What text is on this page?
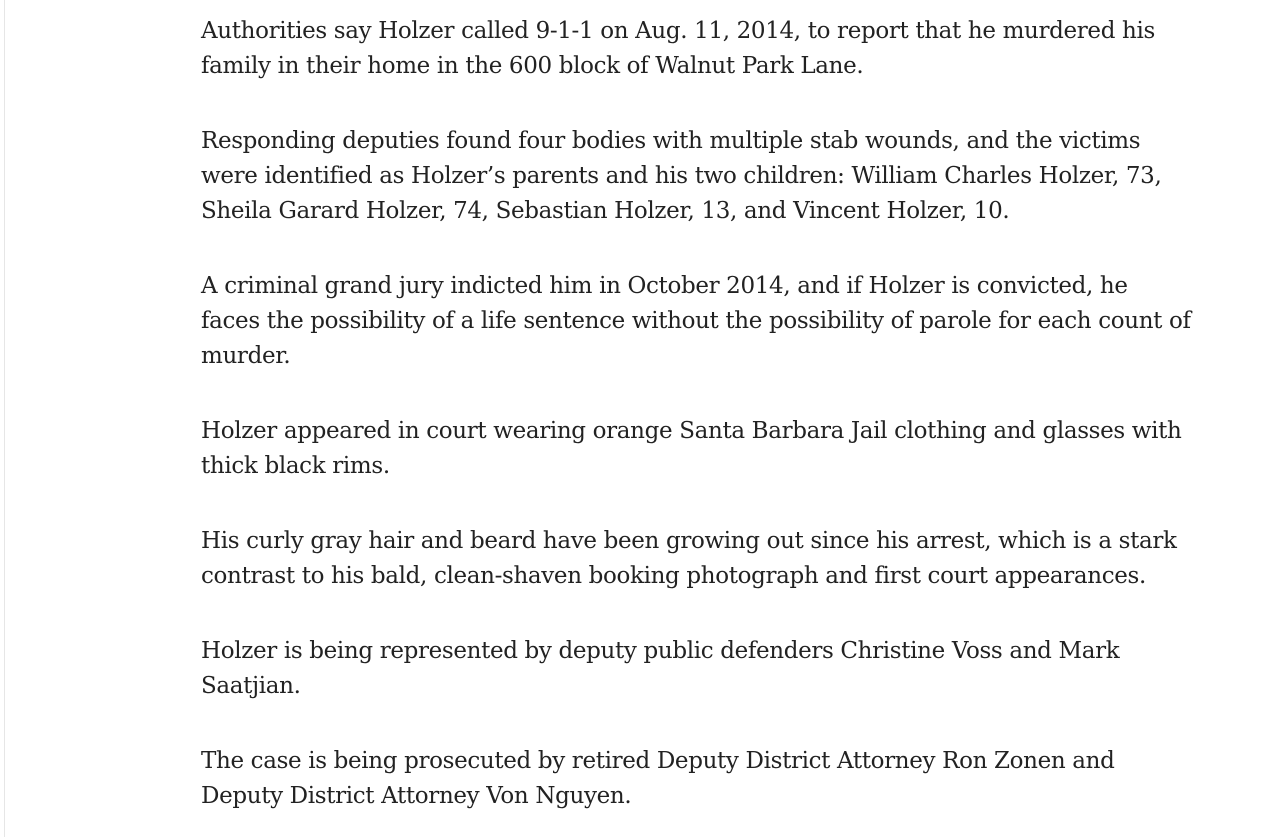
Authorities say Holzer called 9-1-1 on Aug. 11, 2014, to report that he murdered his family in their home in the 600 block of Walnut Park Lane.

Responding deputies found four bodies with multiple stab wounds, and the victims were identified as Holzer’s parents and his two children: William Charles Holzer, 73, Sheila Garard Holzer, 74, Sebastian Holzer, 13, and Vincent Holzer, 10.

A criminal grand jury indicted him in October 2014, and if Holzer is convicted, he faces the possibility of a life sentence without the possibility of parole for each count of murder.

Holzer appeared in court wearing orange Santa Barbara Jail clothing and glasses with thick black rims.

His curly gray hair and beard have been growing out since his arrest, which is a stark contrast to his bald, clean-shaven booking photograph and first court appearances.

Holzer is being represented by deputy public defenders Christine Voss and Mark Saatjian.

The case is being prosecuted by retired Deputy District Attorney Ron Zonen and Deputy District Attorney Von Nguyen.
